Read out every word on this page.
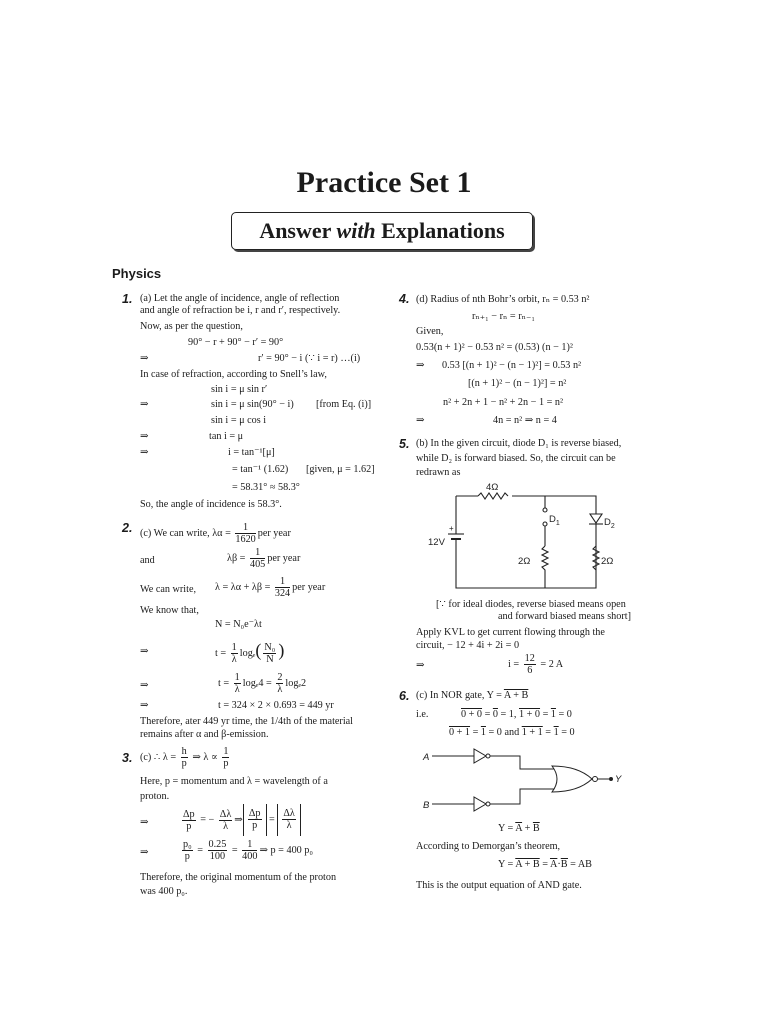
Practice Set 1
Answer with Explanations
Physics
1. (a) Let the angle of incidence, angle of reflection
and angle of refraction be i, r and r′, respectively.
Now, as per the question,
90° − r + 90° − r′ = 90°
⇒	r′ = 90° − i (∵ i = r) …(i)
In case of refraction, according to Snell’s law,
sin i = μ sin r′
⇒	sin i = μ sin(90° − i) [from Eq. (i)]
sin i = μ cos i
⇒	tan i = μ
⇒	i = tan⁻¹[μ]
= tan⁻¹ (1.62) [given, μ = 1.62]
= 58.31° ≈ 58.3°
So, the angle of incidence is 58.3°.
2. (c) We can write, $\lambda\alpha = \frac{1}{1620}$ per year
and	$\lambda\beta = \frac{1}{405}$ per year
We can write, $\lambda = \lambda\alpha + \lambda\beta = \frac{1}{324}$ per year
We know that,
N = N₀e⁻λt
⇒	$t = \frac{1}{\lambda} \log_e( \frac{\text{N₀}}{N}$ )
⇒	$t = \frac{1}{\lambda} \log_e4 = \frac{2}{\lambda} \log_e2$
⇒	t = 324 × 2 × 0.693 = 449 yr
Therefore, ater 449 yr time, the 1/4th of the material
remains after α and β-emission.
3. (c) ∴ $\lambda = \frac{h}{p}$ ⇒ $\lambda \propto \frac{1}{p}$
Here, p = momentum and λ = wavelength of a
proton.
⇒	$\frac{\Delta p}{p}$ = − $\frac{\Delta\lambda}{\lambda}$ ⇒ $\frac{\Delta p}{p} = \frac{\Delta\lambda}{\lambda}$
⇒	$\frac{\text{p₀}}{p} = \frac{0.25}{100} = \frac{1}{400}$ ⇒ p = 400 p₀
Therefore, the original momentum of the proton
was 400 p₀.
4. (d) Radius of nth Bohr’s orbit, rₙ = 0.53 n²
rₙ₊₁ − rₙ = rₙ₋₁
Given,
0.53(n + 1)² − 0.53 n² = (0.53) (n − 1)²
⇒ 0.53 [(n + 1)² − (n − 1)²] = 0.53 n²
[(n + 1)² − (n − 1)²] = n²
n² + 2n + 1 − n² + 2n − 1 = n²
⇒	4n = n² ⇒ n = 4
5. (b) In the given circuit, diode D₁ is reverse biased,
while D₂ is forward biased. So, the circuit can be
redrawn as
4Ω
12V
+
2Ω	2Ω
$D_1$	$D_2$
[∵ for ideal diodes, reverse biased means open
and forward biased means short]
Apply KVL to get current flowing through the
circuit, − 12 + 4i + 2i = 0
⇒	$i = \frac{12}{6} = 2$ A
6. (c) In NOR gate, Y = A + B
i.e.	0 + 0 = 0 = 1, 1 + 0 = 1 = 0
0 + 1 = 1 = 0 and 1 + 1 = 1 = 0
A
B
Y
$Y = \overline{A} + \overline{B}$
According to Demorgan’s theorem,
$Y = A + B = \overline{A}\cdot\overline{B}$ = AB
This is the output equation of AND gate.
